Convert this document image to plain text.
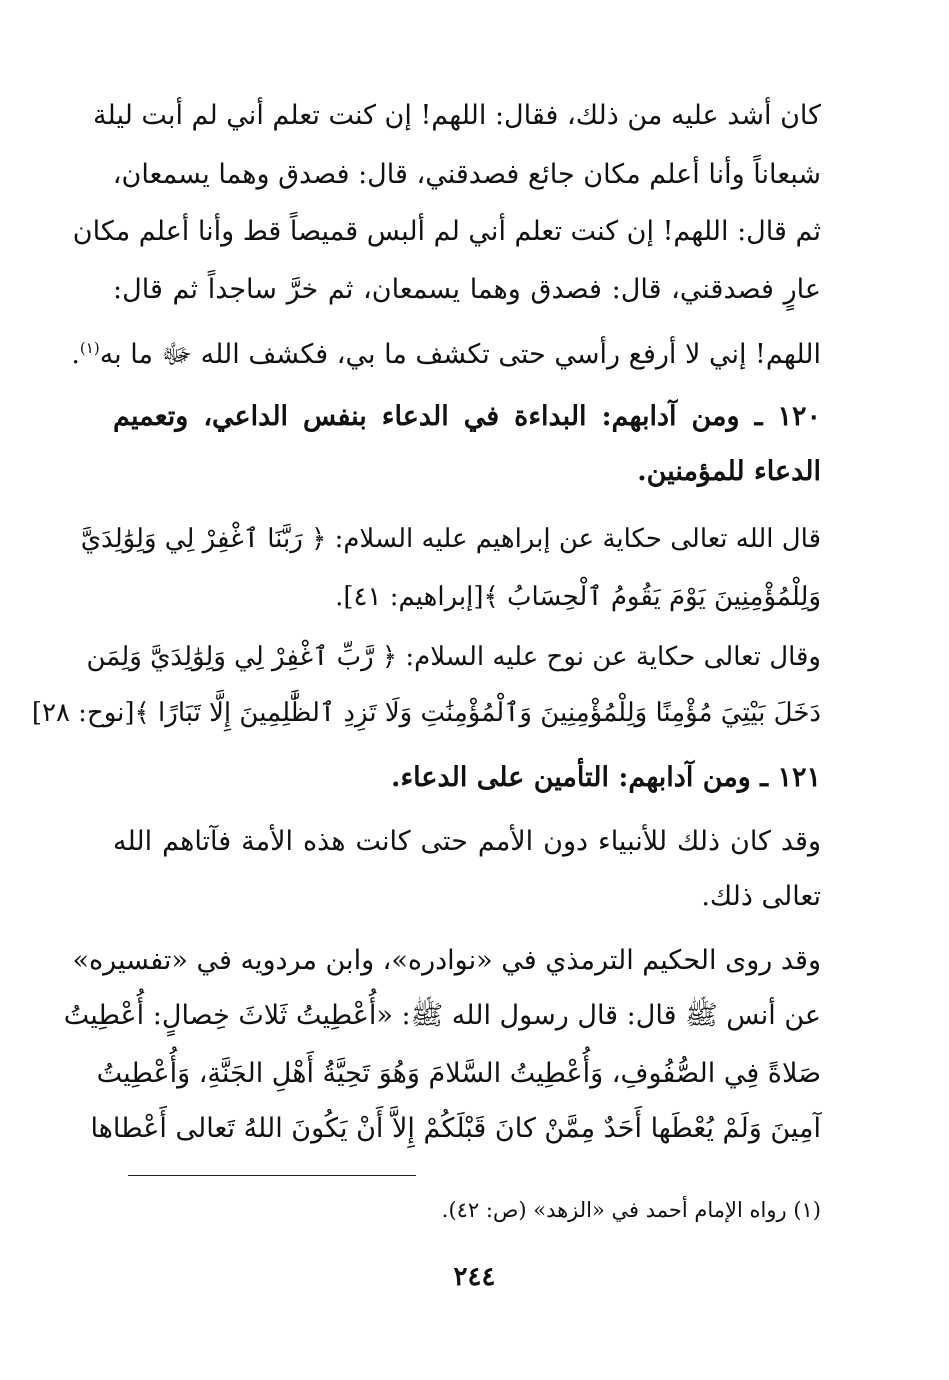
كان أشد عليه من ذلك، فقال: اللهم! إن كنت تعلم أني لم أبت ليلة
شبعاناً وأنا أعلم مكان جائع فصدقني، قال: فصدق وهما يسمعان،
ثم قال: اللهم! إن كنت تعلم أني لم ألبس قميصاً قط وأنا أعلم مكان
عارٍ فصدقني، قال: فصدق وهما يسمعان، ثم خرَّ ساجداً ثم قال:
اللهم! إني لا أرفع رأسي حتى تكشف ما بي، فكشف الله ﷻ ما به$^{(١)}$.
١٢٠ ـ ومن آدابهم: البداءة في الدعاء بنفس الداعي، وتعميم
الدعاء للمؤمنين.
قال الله تعالى حكاية عن إبراهيم عليه السلام: ﴿ رَبَّنَا ٱغْفِرْ لِي وَلِوَٰلِدَيَّ
وَلِلْمُؤْمِنِينَ يَوْمَ يَقُومُ ٱلْحِسَابُ ﴾[إبراهيم: ٤١].
وقال تعالى حكاية عن نوح عليه السلام: ﴿ رَّبِّ ٱغْفِرْ لِي وَلِوَٰلِدَيَّ وَلِمَن
دَخَلَ بَيْتِيَ مُؤْمِنًا وَلِلْمُؤْمِنِينَ وَٱلْمُؤْمِنَٰتِ وَلَا تَزِدِ ٱلظَّٰلِمِينَ إِلَّا تَبَارًا ﴾[نوح: ٢٨]
١٢١ ـ ومن آدابهم: التأمين على الدعاء.
وقد كان ذلك للأنبياء دون الأمم حتى كانت هذه الأمة فآتاهم الله
تعالى ذلك.
وقد روى الحكيم الترمذي في «نوادره»، وابن مردويه في «تفسيره»
عن أنس ﷺ قال: قال رسول الله ﷺ: «أُعْطِيتُ ثَلاثَ خِصالٍ: أُعْطِيتُ
صَلاةً فِي الصُّفُوفِ، وَأُعْطِيتُ السَّلامَ وَهُوَ تَحِيَّةُ أَهْلِ الجَنَّةِ، وَأُعْطِيتُ
آمِينَ وَلَمْ يُعْطَها أَحَدٌ مِمَّنْ كانَ قَبْلَكُمْ إِلاَّ أَنْ يَكُونَ اللهُ تَعالى أَعْطاها
(١) رواه الإمام أحمد في «الزهد» (ص: ٤٢).
٢٤٤
